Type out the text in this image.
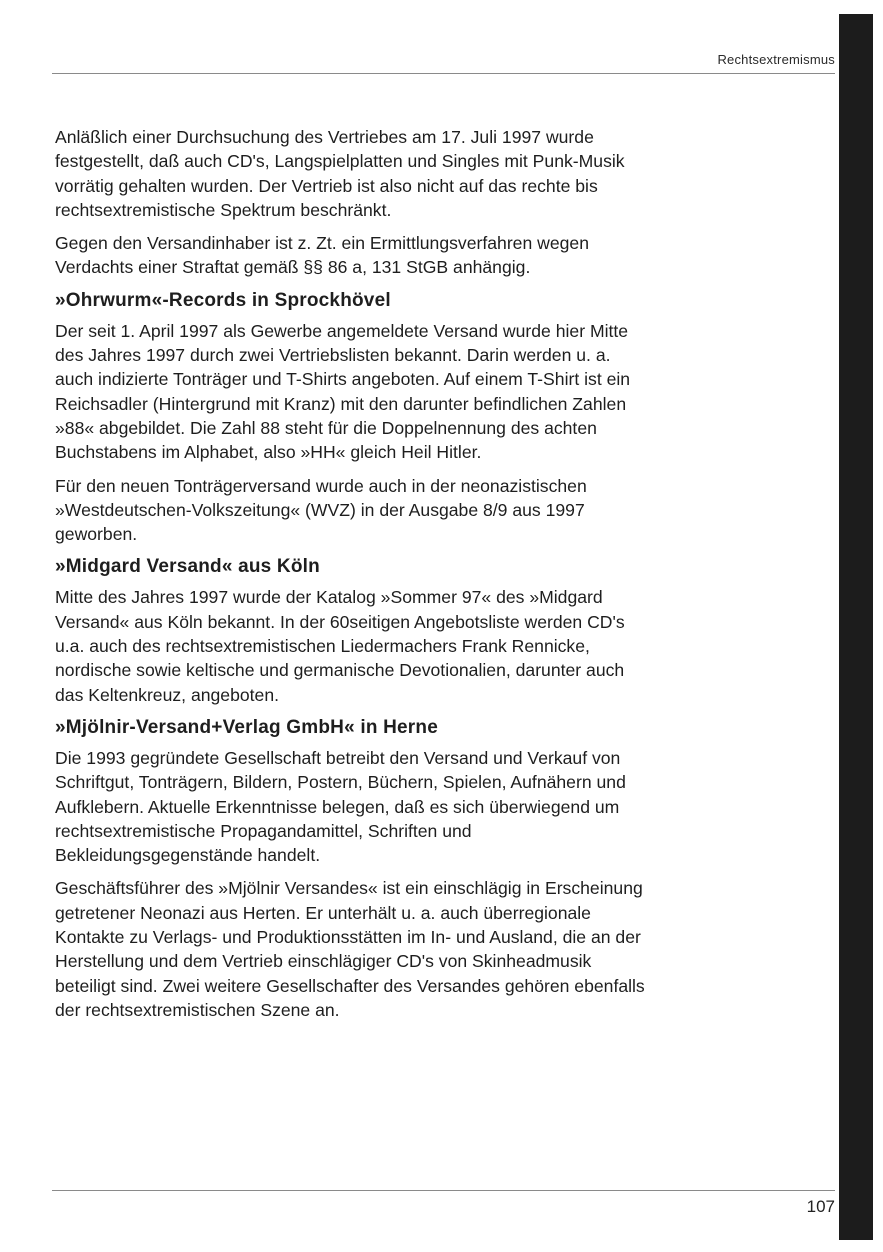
Rechtsextremismus

Anläßlich einer Durchsuchung des Vertriebes am 17. Juli 1997 wurde festgestellt, daß auch CD's, Langspielplatten und Singles mit Punk-Musik vorrätig gehalten wurden. Der Vertrieb ist also nicht auf das rechte bis rechtsextremistische Spektrum beschränkt.

Gegen den Versandinhaber ist z. Zt. ein Ermittlungsverfahren wegen Verdachts einer Straftat gemäß §§ 86 a, 131 StGB anhängig.

»Ohrwurm«-Records in Sprockhövel

Der seit 1. April 1997 als Gewerbe angemeldete Versand wurde hier Mitte des Jahres 1997 durch zwei Vertriebslisten bekannt. Darin werden u. a. auch indizierte Tonträger und T-Shirts angeboten. Auf einem T-Shirt ist ein Reichsadler (Hintergrund mit Kranz) mit den darunter befindlichen Zahlen »88« abgebildet. Die Zahl 88 steht für die Doppelnennung des achten Buchstabens im Alphabet, also »HH« gleich Heil Hitler.

Für den neuen Tonträgerversand wurde auch in der neonazistischen »Westdeutschen-Volkszeitung« (WVZ) in der Ausgabe 8/9 aus 1997 geworben.

»Midgard Versand« aus Köln

Mitte des Jahres 1997 wurde der Katalog »Sommer 97« des »Midgard Versand« aus Köln bekannt. In der 60seitigen Angebotsliste werden CD's u.a. auch des rechtsextremistischen Liedermachers Frank Rennicke, nordische sowie keltische und germanische Devotionalien, darunter auch das Keltenkreuz, angeboten.

»Mjölnir-Versand+Verlag GmbH« in Herne

Die 1993 gegründete Gesellschaft betreibt den Versand und Verkauf von Schriftgut, Tonträgern, Bildern, Postern, Büchern, Spielen, Aufnähern und Aufklebern. Aktuelle Erkenntnisse belegen, daß es sich überwiegend um rechtsextremistische Propagandamittel, Schriften und Bekleidungsgegenstände handelt.

Geschäftsführer des »Mjölnir Versandes« ist ein einschlägig in Erscheinung getretener Neonazi aus Herten. Er unterhält u. a. auch überregionale Kontakte zu Verlags- und Produktionsstätten im In- und Ausland, die an der Herstellung und dem Vertrieb einschlägiger CD's von Skinheadmusik beteiligt sind. Zwei weitere Gesellschafter des Versandes gehören ebenfalls der rechtsextremistischen Szene an.

107
